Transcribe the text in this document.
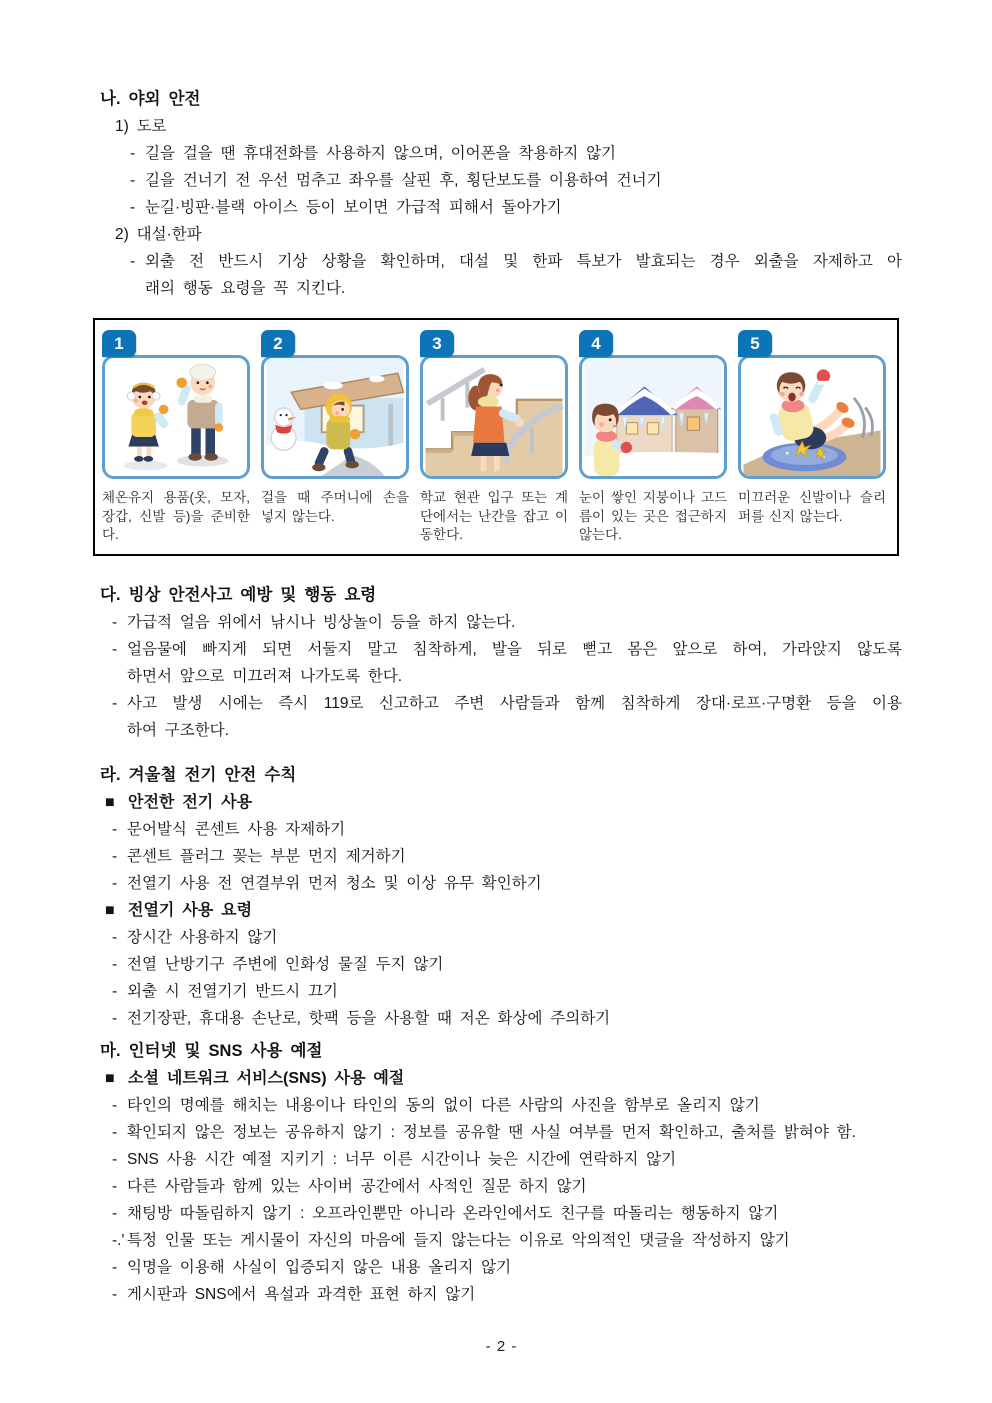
나. 야외 안전
1) 도로
- 길을 걸을 땐 휴대전화를 사용하지 않으며, 이어폰을 착용하지 않기
- 길을 건너기 전 우선 멈추고 좌우를 살핀 후, 횡단보도를 이용하여 건너기
- 눈길·빙판·블랙 아이스 등이 보이면 가급적 피해서 돌아가기
2) 대설·한파
- 외출 전 반드시 기상 상황을 확인하며, 대설 및 한파 특보가 발효되는 경우 외출을 자제하고 아
래의 행동 요령을 꼭 지킨다.
1
체온유지 용품(옷, 모자, 장갑, 신발 등)을 준비한다.
2
걸을 때 주머니에 손을 넣지 않는다.
3
학교 현관 입구 또는 계단에서는 난간을 잡고 이동한다.
4
눈이 쌓인 지붕이나 고드름이 있는 곳은 접근하지 않는다.
5
미끄러운 신발이나 슬리퍼를 신지 않는다.
다. 빙상 안전사고 예방 및 행동 요령
- 가급적 얼음 위에서 낚시나 빙상놀이 등을 하지 않는다.
- 얼음물에 빠지게 되면 서둘지 말고 침착하게, 발을 뒤로 뻗고 몸은 앞으로 하여, 가라앉지 않도록
하면서 앞으로 미끄러져 나가도록 한다.
- 사고 발생 시에는 즉시 119로 신고하고 주변 사람들과 함께 침착하게 장대·로프·구명환 등을 이용
하여 구조한다.
라. 겨울철 전기 안전 수칙
■ 안전한 전기 사용
- 문어발식 콘센트 사용 자제하기
- 콘센트 플러그 꽂는 부분 먼지 제거하기
- 전열기 사용 전 연결부위 먼저 청소 및 이상 유무 확인하기
■ 전열기 사용 요령
- 장시간 사용하지 않기
- 전열 난방기구 주변에 인화성 물질 두지 않기
- 외출 시 전열기기 반드시 끄기
- 전기장판, 휴대용 손난로, 핫팩 등을 사용할 때 저온 화상에 주의하기
마. 인터넷 및 SNS 사용 예절
■ 소셜 네트워크 서비스(SNS) 사용 예절
- 타인의 명예를 해치는 내용이나 타인의 동의 없이 다른 사람의 사진을 함부로 올리지 않기
- 확인되지 않은 정보는 공유하지 않기 : 정보를 공유할 땐 사실 여부를 먼저 확인하고, 출처를 밝혀야 함.
- SNS 사용 시간 예절 지키기 : 너무 이른 시간이나 늦은 시간에 연락하지 않기
- 다른 사람들과 함께 있는 사이버 공간에서 사적인 질문 하지 않기
- 채팅방 따돌림하지 않기 : 오프라인뿐만 아니라 온라인에서도 친구를 따돌리는 행동하지 않기
-.' 특정 인물 또는 게시물이 자신의 마음에 들지 않는다는 이유로 악의적인 댓글을 작성하지 않기
- 익명을 이용해 사실이 입증되지 않은 내용 올리지 않기
- 게시판과 SNS에서 욕설과 과격한 표현 하지 않기
- 2 -
